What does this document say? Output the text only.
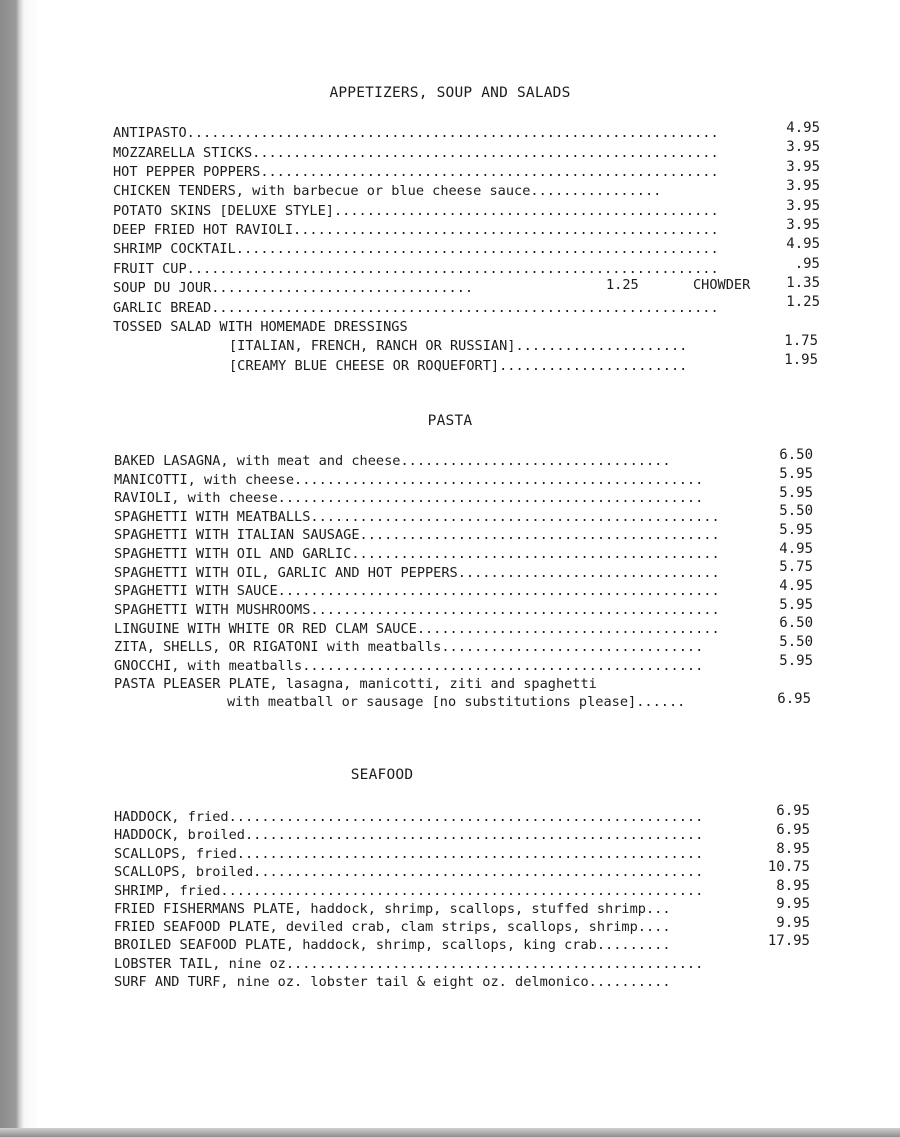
APPETIZERS, SOUP AND SALADS
ANTIPASTO.................................................................	4.95
MOZZARELLA STICKS.........................................................	3.95
HOT PEPPER POPPERS........................................................	3.95
CHICKEN TENDERS, with barbecue or blue cheese sauce................	3.95
POTATO SKINS [DELUXE STYLE]...............................................	3.95
DEEP FRIED HOT RAVIOLI....................................................	3.95
SHRIMP COCKTAIL...........................................................	4.95
FRUIT CUP.................................................................	.95
SOUP DU JOUR................................	1.25	CHOWDER	1.35
GARLIC BREAD..............................................................	1.25
TOSSED SALAD WITH HOMEMADE DRESSINGS
[ITALIAN, FRENCH, RANCH OR RUSSIAN].....................	1.75
[CREAMY BLUE CHEESE OR ROQUEFORT].......................	1.95
PASTA
BAKED LASAGNA, with meat and cheese.................................	6.50
MANICOTTI, with cheese..................................................	5.95
RAVIOLI, with cheese....................................................	5.95
SPAGHETTI WITH MEATBALLS..................................................	5.50
SPAGHETTI WITH ITALIAN SAUSAGE............................................	5.95
SPAGHETTI WITH OIL AND GARLIC.............................................	4.95
SPAGHETTI WITH OIL, GARLIC AND HOT PEPPERS................................	5.75
SPAGHETTI WITH SAUCE......................................................	4.95
SPAGHETTI WITH MUSHROOMS..................................................	5.95
LINGUINE WITH WHITE OR RED CLAM SAUCE.....................................	6.50
ZITA, SHELLS, OR RIGATONI with meatballs................................	5.50
GNOCCHI, with meatballs.................................................	5.95
PASTA PLEASER PLATE, lasagna, manicotti, ziti and spaghetti
with meatball or sausage [no substitutions please]......	6.95
SEAFOOD
HADDOCK, fried..........................................................	6.95
HADDOCK, broiled........................................................	6.95
SCALLOPS, fried.........................................................	8.95
SCALLOPS, broiled.......................................................	10.75
SHRIMP, fried...........................................................	8.95
FRIED FISHERMANS PLATE, haddock, shrimp, scallops, stuffed shrimp...	9.95
FRIED SEAFOOD PLATE, deviled crab, clam strips, scallops, shrimp....	9.95
BROILED SEAFOOD PLATE, haddock, shrimp, scallops, king crab.........	17.95
LOBSTER TAIL, nine oz...................................................
SURF AND TURF, nine oz. lobster tail & eight oz. delmonico..........
